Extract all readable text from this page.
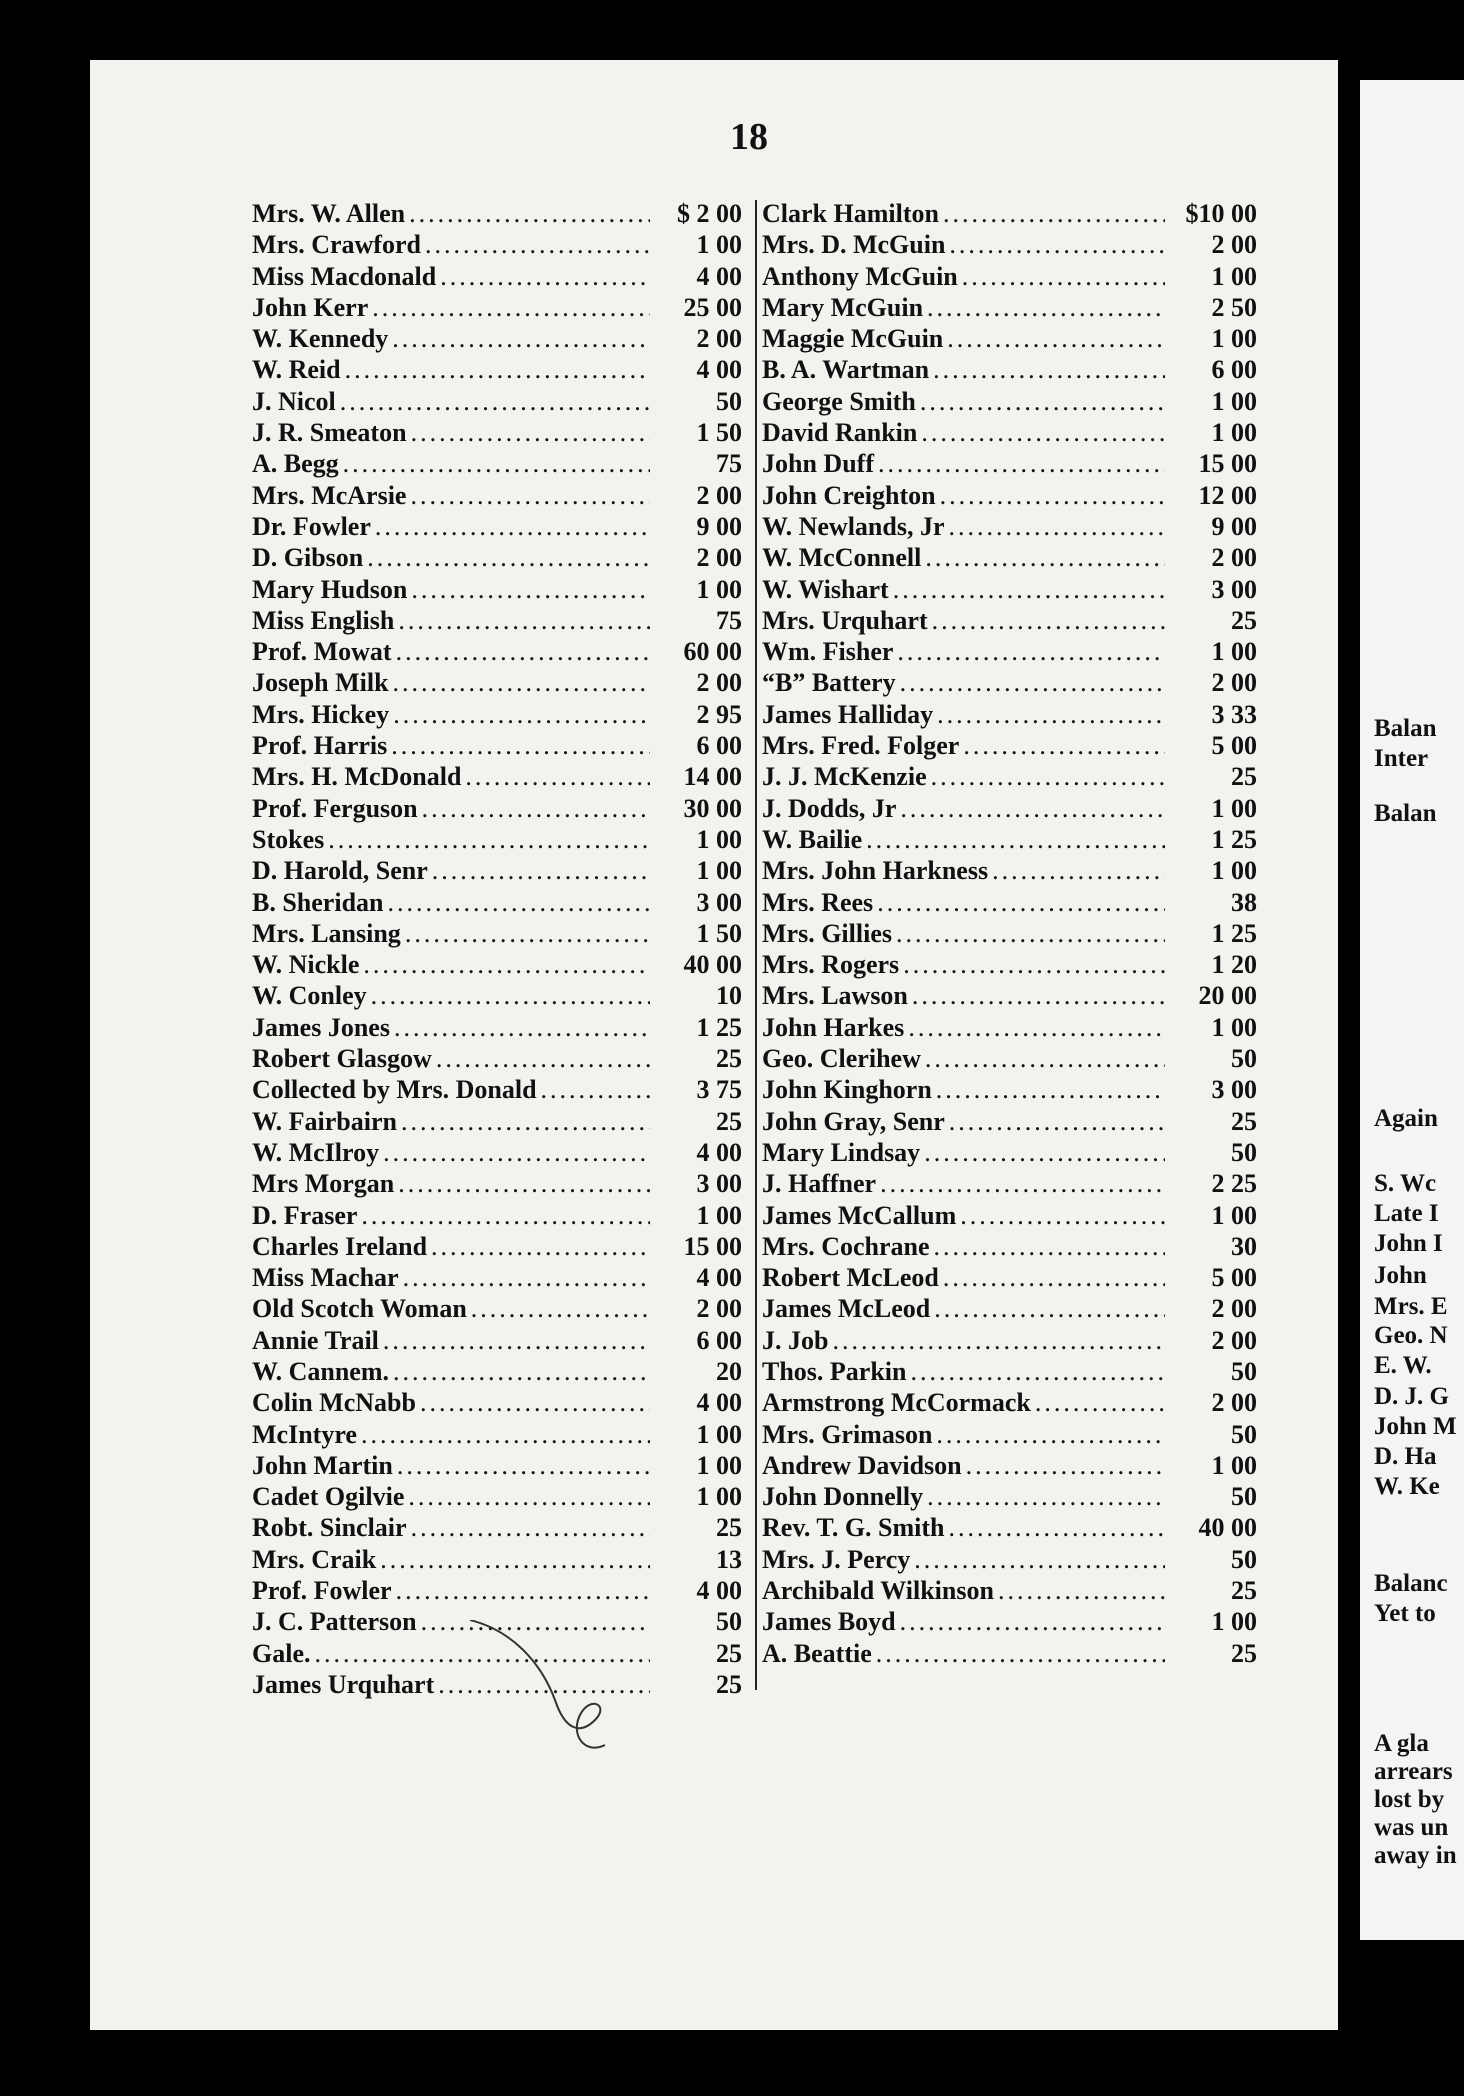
18
Mrs. W. Allen .....	$ 2 00
Mrs. Crawford .....	1 00
Miss Macdonald .....	4 00
John Kerr .....	25 00
W. Kennedy .....	2 00
W. Reid .....	4 00
J. Nicol .....	50
J. R. Smeaton .....	1 50
A. Begg .....	75
Mrs. McArsie .....	2 00
Dr. Fowler .....	9 00
D. Gibson .....	2 00
Mary Hudson .....	1 00
Miss English .....	75
Prof. Mowat .....	60 00
Joseph Milk .....	2 00
Mrs. Hickey .....	2 95
Prof. Harris .....	6 00
Mrs. H. McDonald .....	14 00
Prof. Ferguson .....	30 00
Stokes .....	1 00
D. Harold, Senr .....	1 00
B. Sheridan .....	3 00
Mrs. Lansing .....	1 50
W. Nickle .....	40 00
W. Conley .....	10
James Jones .....	1 25
Robert Glasgow .....	25
Collected by Mrs. Donald .....	3 75
W. Fairbairn .....	25
W. McIlroy .....	4 00
Mrs Morgan .....	3 00
D. Fraser .....	1 00
Charles Ireland .....	15 00
Miss Machar .....	4 00
Old Scotch Woman .....	2 00
Annie Trail .....	6 00
W. Cannem. .....	20
Colin McNabb .....	4 00
McIntyre .....	1 00
John Martin .....	1 00
Cadet Ogilvie .....	1 00
Robt. Sinclair .....	25
Mrs. Craik .....	13
Prof. Fowler .....	4 00
J. C. Patterson .....	50
Gale. .....	25
James Urquhart .....	25
Clark Hamilton .....	$10 00
Mrs. D. McGuin .....	2 00
Anthony McGuin .....	1 00
Mary McGuin .....	2 50
Maggie McGuin .....	1 00
B. A. Wartman .....	6 00
George Smith .....	1 00
David Rankin .....	1 00
John Duff .....	15 00
John Creighton .....	12 00
W. Newlands, Jr .....	9 00
W. McConnell .....	2 00
W. Wishart .....	3 00
Mrs. Urquhart .....	25
Wm. Fisher .....	1 00
“B” Battery .....	2 00
James Halliday .....	3 33
Mrs. Fred. Folger .....	5 00
J. J. McKenzie .....	25
J. Dodds, Jr .....	1 00
W. Bailie .....	1 25
Mrs. John Harkness .....	1 00
Mrs. Rees .....	38
Mrs. Gillies .....	1 25
Mrs. Rogers .....	1 20
Mrs. Lawson .....	20 00
John Harkes .....	1 00
Geo. Clerihew .....	50
John Kinghorn .....	3 00
John Gray, Senr .....	25
Mary Lindsay .....	50
J. Haffner .....	2 25
James McCallum .....	1 00
Mrs. Cochrane .....	30
Robert McLeod .....	5 00
James McLeod .....	2 00
J. Job .....	2 00
Thos. Parkin .....	50
Armstrong McCormack .....	2 00
Mrs. Grimason .....	50
Andrew Davidson .....	1 00
John Donnelly .....	50
Rev. T. G. Smith .....	40 00
Mrs. J. Percy .....	50
Archibald Wilkinson .....	25
James Boyd .....	1 00
A. Beattie .....	25
Balan
Inter
Balan
Again
S. Wc
Late I
John I
John
Mrs. E
Geo. N
E. W.
D. J. G
John M
D. Ha
W. Ke
Balanc
Yet to
A gla
arrears
lost by
was un
away in
